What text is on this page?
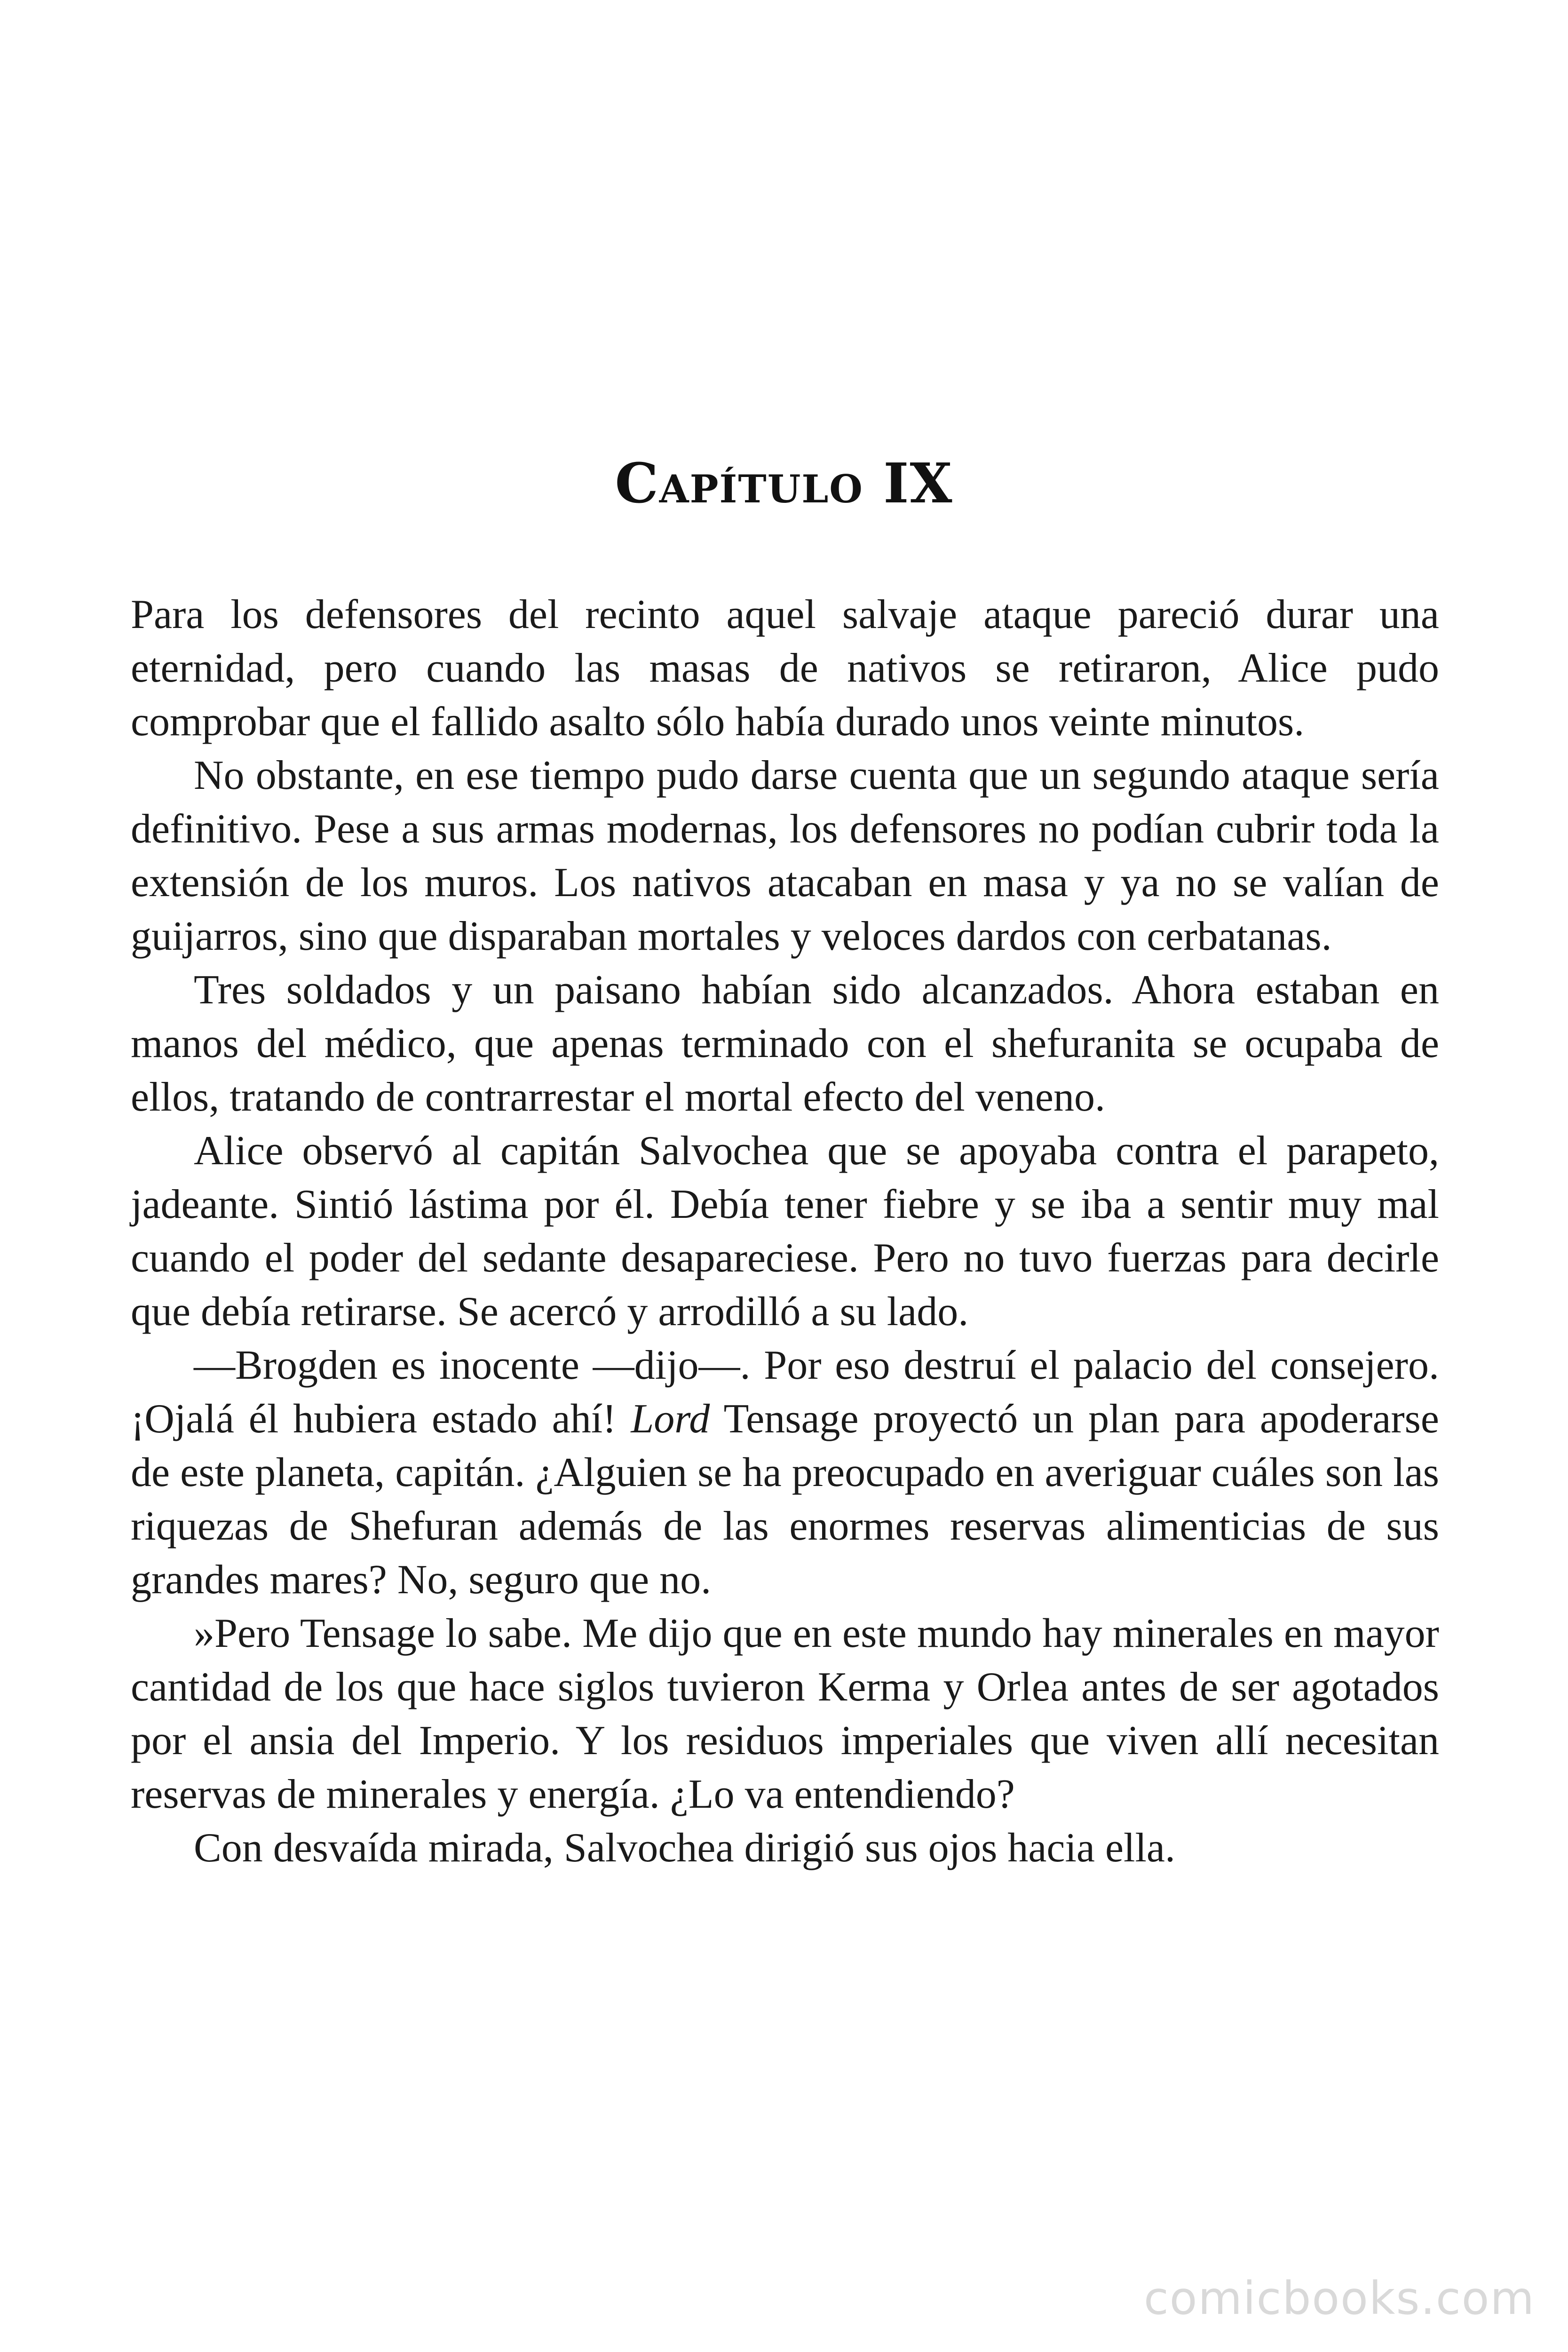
Capítulo IX

Para los defensores del recinto aquel salvaje ataque pareció durar una eternidad, pero cuando las masas de nativos se retiraron, Alice pudo comprobar que el fallido asalto sólo había durado unos veinte minutos.

No obstante, en ese tiempo pudo darse cuenta que un segundo ataque sería definitivo. Pese a sus armas modernas, los defensores no podían cubrir toda la extensión de los muros. Los nativos atacaban en masa y ya no se valían de guijarros, sino que disparaban mortales y veloces dardos con cerbatanas.

Tres soldados y un paisano habían sido alcanzados. Ahora estaban en manos del médico, que apenas terminado con el shefuranita se ocupaba de ellos, tratando de contrarrestar el mortal efecto del veneno.

Alice observó al capitán Salvochea que se apoyaba contra el parapeto, jadeante. Sintió lástima por él. Debía tener fiebre y se iba a sentir muy mal cuando el poder del sedante desapareciese. Pero no tuvo fuerzas para decirle que debía retirarse. Se acercó y arrodilló a su lado.

—Brogden es inocente —dijo—. Por eso destruí el palacio del consejero. ¡Ojalá él hubiera estado ahí! Lord Tensage proyectó un plan para apoderarse de este planeta, capitán. ¿Alguien se ha preocupado en averiguar cuáles son las riquezas de Shefuran además de las enormes reservas alimenticias de sus grandes mares? No, seguro que no.

»Pero Tensage lo sabe. Me dijo que en este mundo hay minerales en mayor cantidad de los que hace siglos tuvieron Kerma y Orlea antes de ser agotados por el ansia del Imperio. Y los residuos imperiales que viven allí necesitan reservas de minerales y energía. ¿Lo va entendiendo?

Con desvaída mirada, Salvochea dirigió sus ojos hacia ella.

comicbooks.com
